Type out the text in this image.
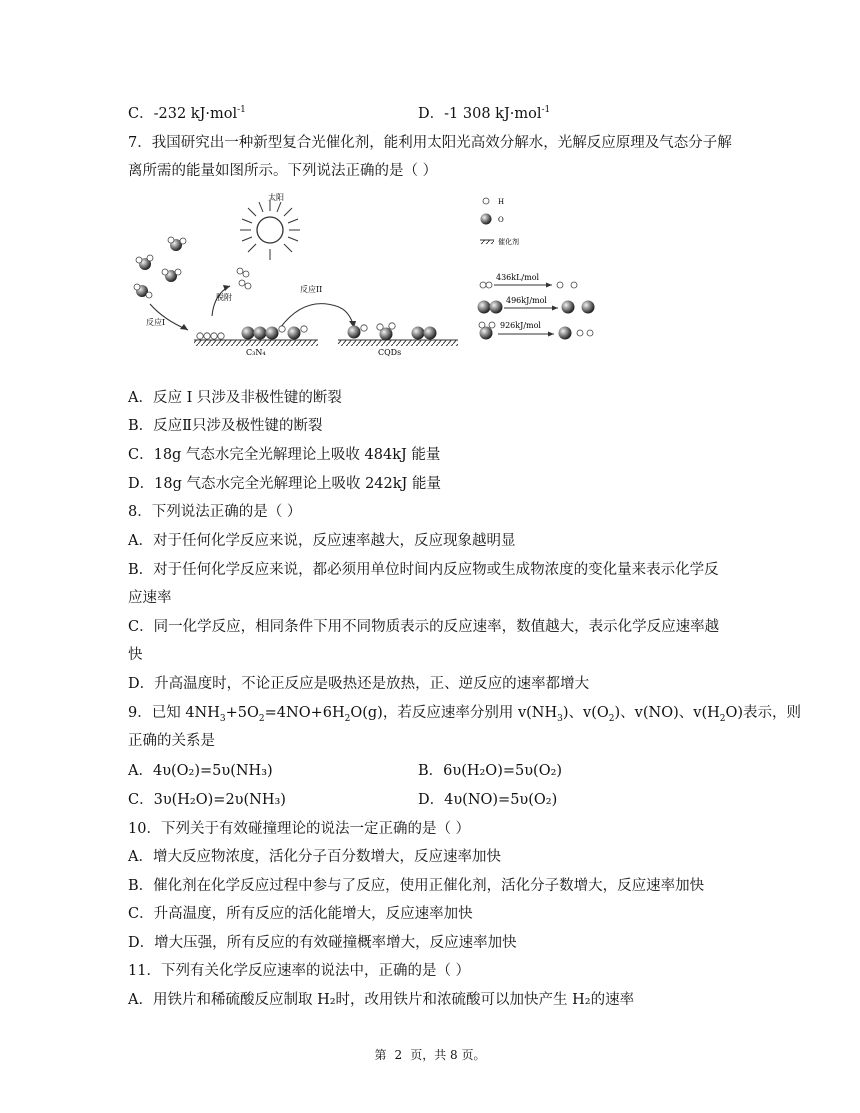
C．-232 kJ·mol$^{-1}$	D．-1 308 kJ·mol$^{-1}$
7．我国研究出一种新型复合光催化剂，能利用太阳光高效分解水，光解反应原理及气态分子解
离所需的能量如图所示。下列说法正确的是（ ）
太阳
脱附
反应I
反应II
C₃N₄	CQDs
H
O
催化剂
436kL/mol
496kJ/mol
926kJ/mol
A．反应 I 只涉及非极性键的断裂
B．反应Ⅱ只涉及极性键的断裂
C．18g 气态水完全光解理论上吸收 484kJ 能量
D．18g 气态水完全光解理论上吸收 242kJ 能量
8．下列说法正确的是（ ）
A．对于任何化学反应来说，反应速率越大，反应现象越明显
B．对于任何化学反应来说，都必须用单位时间内反应物或生成物浓度的变化量来表示化学反
应速率
C．同一化学反应，相同条件下用不同物质表示的反应速率，数值越大，表示化学反应速率越
快
D．升高温度时，不论正反应是吸热还是放热，正、逆反应的速率都增大
9．已知 $4NH_3+5O_2=4NO+6H_2O(g)$，若反应速率分别用 $v(NH_3)$、$v(O_2)$、v(NO)、$v(H_2O)$表示，则
正确的关系是
A．4υ(O₂)=5υ(NH₃)	B．6υ(H₂O)=5υ(O₂)
C．3υ(H₂O)=2υ(NH₃)	D．4υ(NO)=5υ(O₂)
10．下列关于有效碰撞理论的说法一定正确的是（ ）
A．增大反应物浓度，活化分子百分数增大，反应速率加快
B．催化剂在化学反应过程中参与了反应，使用正催化剂，活化分子数增大，反应速率加快
C．升高温度，所有反应的活化能增大，反应速率加快
D．增大压强，所有反应的有效碰撞概率增大，反应速率加快
11．下列有关化学反应速率的说法中，正确的是（ ）
A．用铁片和稀硫酸反应制取 H₂时，改用铁片和浓硫酸可以加快产生 H₂的速率
第 2 页，共 8 页。
